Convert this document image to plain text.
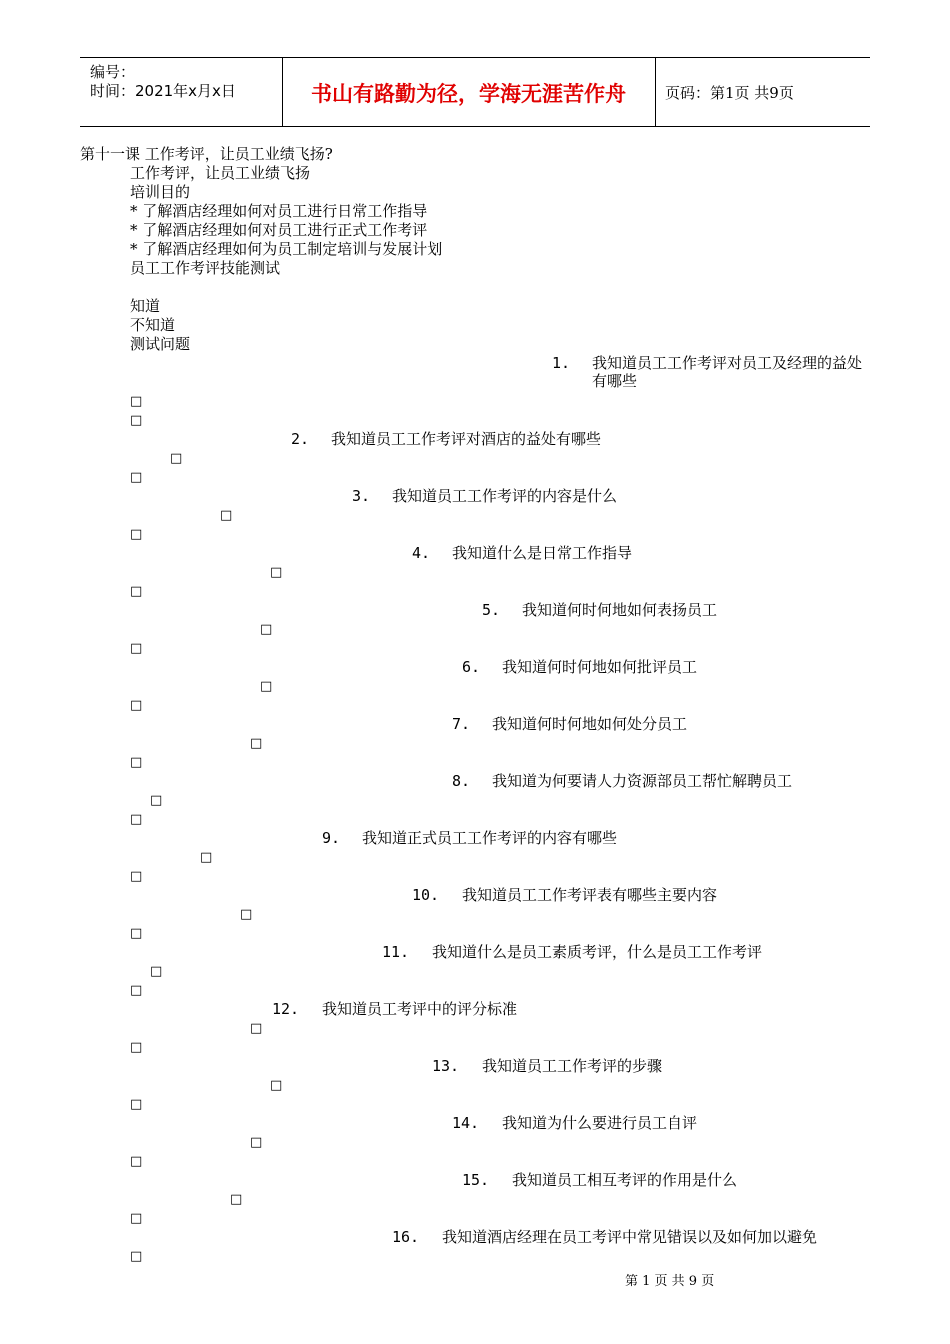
编号：
时间：2021年x月x日	书山有路勤为径，学海无涯苦作舟	页码：第1页 共9页
第十一课 工作考评，让员工业绩飞扬?
工作考评，让员工业绩飞扬
培训目的
* 了解酒店经理如何对员工进行日常工作指导
* 了解酒店经理如何对员工进行正式工作考评
* 了解酒店经理如何为员工制定培训与发展计划
员工工作考评技能测试
知道
不知道
测试问题
1. 我知道员工工作考评对员工及经理的益处有哪些
□
□
2. 我知道员工工作考评对酒店的益处有哪些
□
□
3. 我知道员工工作考评的内容是什么
□
□
4. 我知道什么是日常工作指导
□
□
5. 我知道何时何地如何表扬员工
□
□
6. 我知道何时何地如何批评员工
□
□
7. 我知道何时何地如何处分员工
□
□
8. 我知道为何要请人力资源部员工帮忙解聘员工
□
□
9. 我知道正式员工工作考评的内容有哪些
□
□
10. 我知道员工工作考评表有哪些主要内容
□
□
11. 我知道什么是员工素质考评，什么是员工工作考评
□
□
12. 我知道员工考评中的评分标准
□
□
13. 我知道员工工作考评的步骤
□
□
14. 我知道为什么要进行员工自评
□
□
15. 我知道员工相互考评的作用是什么
□
□
16. 我知道酒店经理在员工考评中常见错误以及如何加以避免
□
第 1 页 共 9 页
